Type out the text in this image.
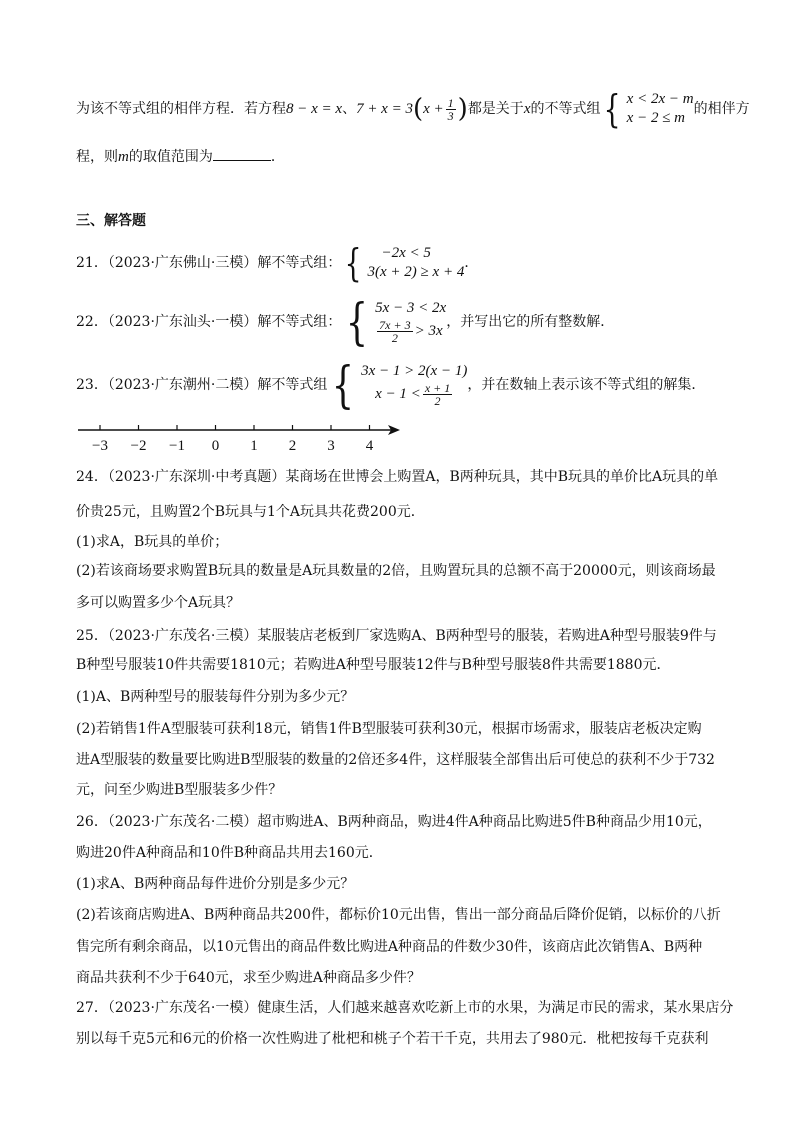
为该不等式组的相伴方程．若方程8 − x = x、$7 + x = 3(x + \frac{1}{3}$ )都是关于x的不等式组 { x < 2x − m
x − 2 ≤ m
的相伴方
程，则m的取值范围为	．
三、解答题
21．（2023·广东佛山·三模）解不等式组： {	−2x < 5
3(x + 2) ≥ x + 4
．
22．（2023·广东汕头·一模）解不等式组： { 5x − 3 < 2x
$\frac{7x + 3}{2} > 3x$
，并写出它的所有整数解．
23．（2023·广东潮州·二模）解不等式组 { 3x − 1 > 2(x − 1)
$x - 1 < \frac{x + 1}{2}$ ，并在数轴上表示该不等式组的解集．
−3 −2 −1 0 1 2 3 4
24．（2023·广东深圳·中考真题）某商场在世博会上购置A，B两种玩具，其中B玩具的单价比A玩具的单
价贵25元，且购置2个B玩具与1个A玩具共花费200元．
(1)求A，B玩具的单价；
(2)若该商场要求购置B玩具的数量是A玩具数量的2倍，且购置玩具的总额不高于20000元，则该商场最
多可以购置多少个A玩具？
25．（2023·广东茂名·三模）某服装店老板到厂家选购A、B两种型号的服装，若购进A种型号服装9件与
B种型号服装10件共需要1810元；若购进A种型号服装12件与B种型号服装8件共需要1880元．
(1)A、B两种型号的服装每件分别为多少元？
(2)若销售1件A型服装可获利18元，销售1件B型服装可获利30元，根据市场需求，服装店老板决定购
进A型服装的数量要比购进B型服装的数量的2倍还多4件，这样服装全部售出后可使总的获利不少于732
元，问至少购进B型服装多少件？
26．（2023·广东茂名·二模）超市购进A、B两种商品，购进4件A种商品比购进5件B种商品少用10元，
购进20件A种商品和10件B种商品共用去160元．
(1)求A、B两种商品每件进价分别是多少元？
(2)若该商店购进A、B两种商品共200件，都标价10元出售，售出一部分商品后降价促销，以标价的八折
售完所有剩余商品，以10元售出的商品件数比购进A种商品的件数少30件，该商店此次销售A、B两种
商品共获利不少于640元，求至少购进A种商品多少件？
27．（2023·广东茂名·一模）健康生活，人们越来越喜欢吃新上市的水果，为满足市民的需求，某水果店分
别以每千克5元和6元的价格一次性购进了枇杷和桃子个若干千克，共用去了980元．枇杷按每千克获利
